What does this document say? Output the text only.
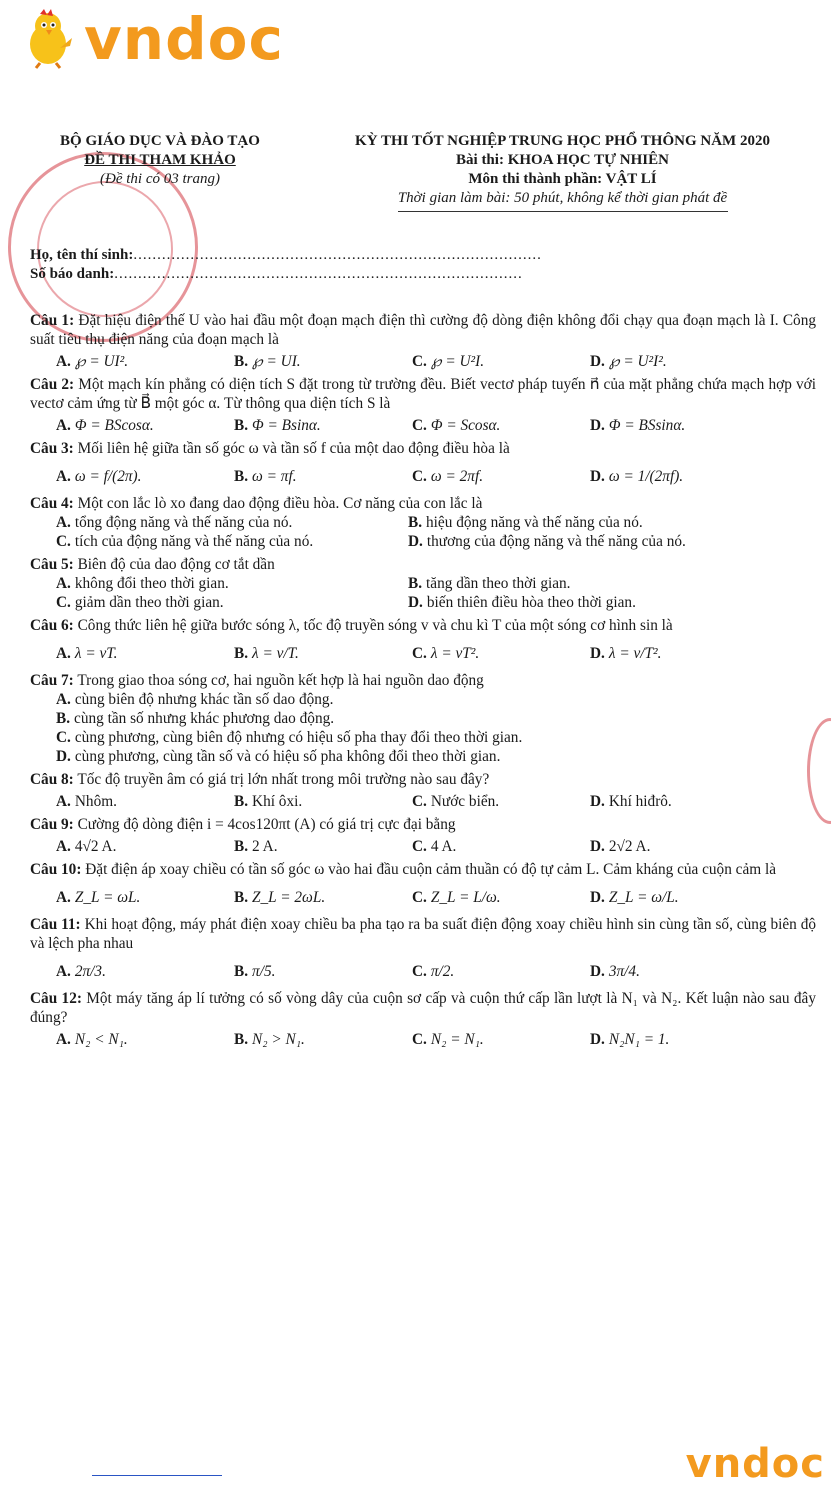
vndoc
BỘ GIÁO DỤC VÀ ĐÀO TẠO
ĐỀ THI THAM KHẢO
(Đề thi có 03 trang)
KỲ THI TỐT NGHIỆP TRUNG HỌC PHỔ THÔNG NĂM 2020
Bài thi: KHOA HỌC TỰ NHIÊN
Môn thi thành phần: VẬT LÍ
Thời gian làm bài: 50 phút, không kể thời gian phát đề
Họ, tên thí sinh:......................................................................................
Số báo danh:......................................................................................
Câu 1: Đặt hiệu điện thế U vào hai đầu một đoạn mạch điện thì cường độ dòng điện không đổi chạy qua đoạn mạch là I. Công suất tiêu thụ điện năng của đoạn mạch là
A. ℘ = UI².	B. ℘ = UI.	C. ℘ = U²I.	D. ℘ = U²I².
Câu 2: Một mạch kín phẳng có diện tích S đặt trong từ trường đều. Biết vectơ pháp tuyến n⃗ của mặt phẳng chứa mạch hợp với vectơ cảm ứng từ B⃗ một góc α. Từ thông qua diện tích S là
A. Φ = BScosα.	B. Φ = Bsinα.	C. Φ = Scosα.	D. Φ = BSsinα.
Câu 3: Mối liên hệ giữa tần số góc ω và tần số f của một dao động điều hòa là
A. ω = f/(2π).	B. ω = πf.	C. ω = 2πf.	D. ω = 1/(2πf).
Câu 4: Một con lắc lò xo đang dao động điều hòa. Cơ năng của con lắc là
A. tổng động năng và thế năng của nó.	B. hiệu động năng và thế năng của nó.
C. tích của động năng và thế năng của nó.	D. thương của động năng và thế năng của nó.
Câu 5: Biên độ của dao động cơ tắt dần
A. không đổi theo thời gian.	B. tăng dần theo thời gian.
C. giảm dần theo thời gian.	D. biến thiên điều hòa theo thời gian.
Câu 6: Công thức liên hệ giữa bước sóng λ, tốc độ truyền sóng v và chu kì T của một sóng cơ hình sin là
A. λ = vT.	B. λ = v/T.	C. λ = vT².	D. λ = v/T².
Câu 7: Trong giao thoa sóng cơ, hai nguồn kết hợp là hai nguồn dao động
A. cùng biên độ nhưng khác tần số dao động.
B. cùng tần số nhưng khác phương dao động.
C. cùng phương, cùng biên độ nhưng có hiệu số pha thay đổi theo thời gian.
D. cùng phương, cùng tần số và có hiệu số pha không đổi theo thời gian.
Câu 8: Tốc độ truyền âm có giá trị lớn nhất trong môi trường nào sau đây?
A. Nhôm.	B. Khí ôxi.	C. Nước biển.	D. Khí hiđrô.
Câu 9: Cường độ dòng điện i = 4cos120πt (A) có giá trị cực đại bằng
A. 4√2 A.	B. 2 A.	C. 4 A.	D. 2√2 A.
Câu 10: Đặt điện áp xoay chiều có tần số góc ω vào hai đầu cuộn cảm thuần có độ tự cảm L. Cảm kháng của cuộn cảm là
A. Z_L = ωL.	B. Z_L = 2ωL.	C. Z_L = L/ω.	D. Z_L = ω/L.
Câu 11: Khi hoạt động, máy phát điện xoay chiều ba pha tạo ra ba suất điện động xoay chiều hình sin cùng tần số, cùng biên độ và lệch pha nhau
A. 2π/3.	B. π/5.	C. π/2.	D. 3π/4.
Câu 12: Một máy tăng áp lí tưởng có số vòng dây của cuộn sơ cấp và cuộn thứ cấp lần lượt là N₁ và N₂. Kết luận nào sau đây đúng?
A. N₂ < N₁.	B. N₂ > N₁.	C. N₂ = N₁.	D. N₂N₁ = 1.
vndoc
